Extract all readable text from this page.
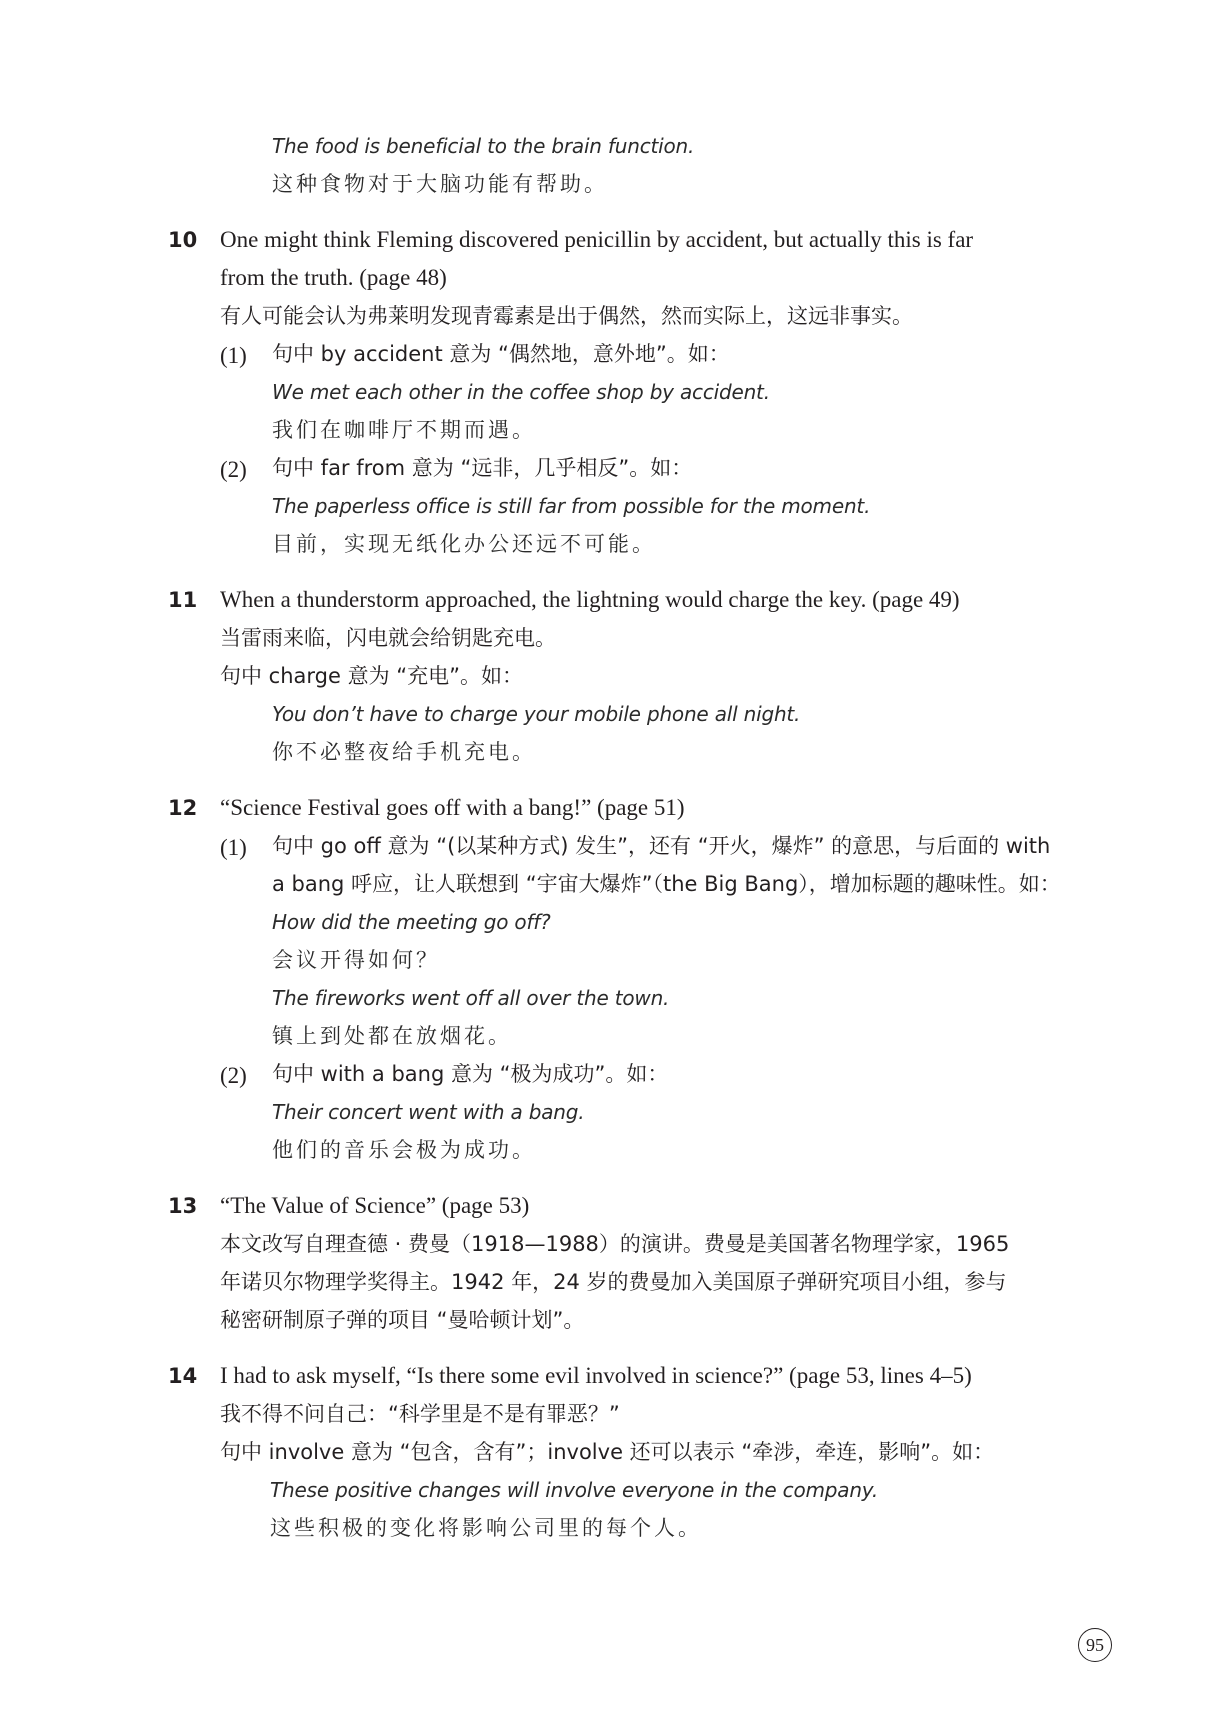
The food is beneficial to the brain function.
这种食物对于大脑功能有帮助。
10 One might think Fleming discovered penicillin by accident, but actually this is far
from the truth. (page 48)
有人可能会认为弗莱明发现青霉素是出于偶然，然而实际上，这远非事实。
(1) 句中 by accident 意为 “偶然地，意外地”。如：
We met each other in the coffee shop by accident.
我们在咖啡厅不期而遇。
(2) 句中 far from 意为 “远非，几乎相反”。如：
The paperless office is still far from possible for the moment.
目前，实现无纸化办公还远不可能。
11 When a thunderstorm approached, the lightning would charge the key. (page 49)
当雷雨来临，闪电就会给钥匙充电。
句中 charge 意为 “充电”。如：
You don’t have to charge your mobile phone all night.
你不必整夜给手机充电。
12 “Science Festival goes off with a bang!” (page 51)
(1) 句中 go off 意为 “(以某种方式) 发生”，还有 “开火，爆炸” 的意思，与后面的 with
a bang 呼应，让人联想到 “宇宙大爆炸”（the Big Bang），增加标题的趣味性。如：
How did the meeting go off?
会议开得如何？
The fireworks went off all over the town.
镇上到处都在放烟花。
(2) 句中 with a bang 意为 “极为成功”。如：
Their concert went with a bang.
他们的音乐会极为成功。
13 “The Value of Science” (page 53)
本文改写自理查德 · 费曼（1918—1988）的演讲。费曼是美国著名物理学家，1965
年诺贝尔物理学奖得主。1942 年，24 岁的费曼加入美国原子弹研究项目小组，参与
秘密研制原子弹的项目 “曼哈顿计划”。
14 I had to ask myself, “Is there some evil involved in science?” (page 53, lines 4–5)
我不得不问自己：“科学里是不是有罪恶？”
句中 involve 意为 “包含，含有”；involve 还可以表示 “牵涉，牵连，影响”。如：
These positive changes will involve everyone in the company.
这些积极的变化将影响公司里的每个人。
95
